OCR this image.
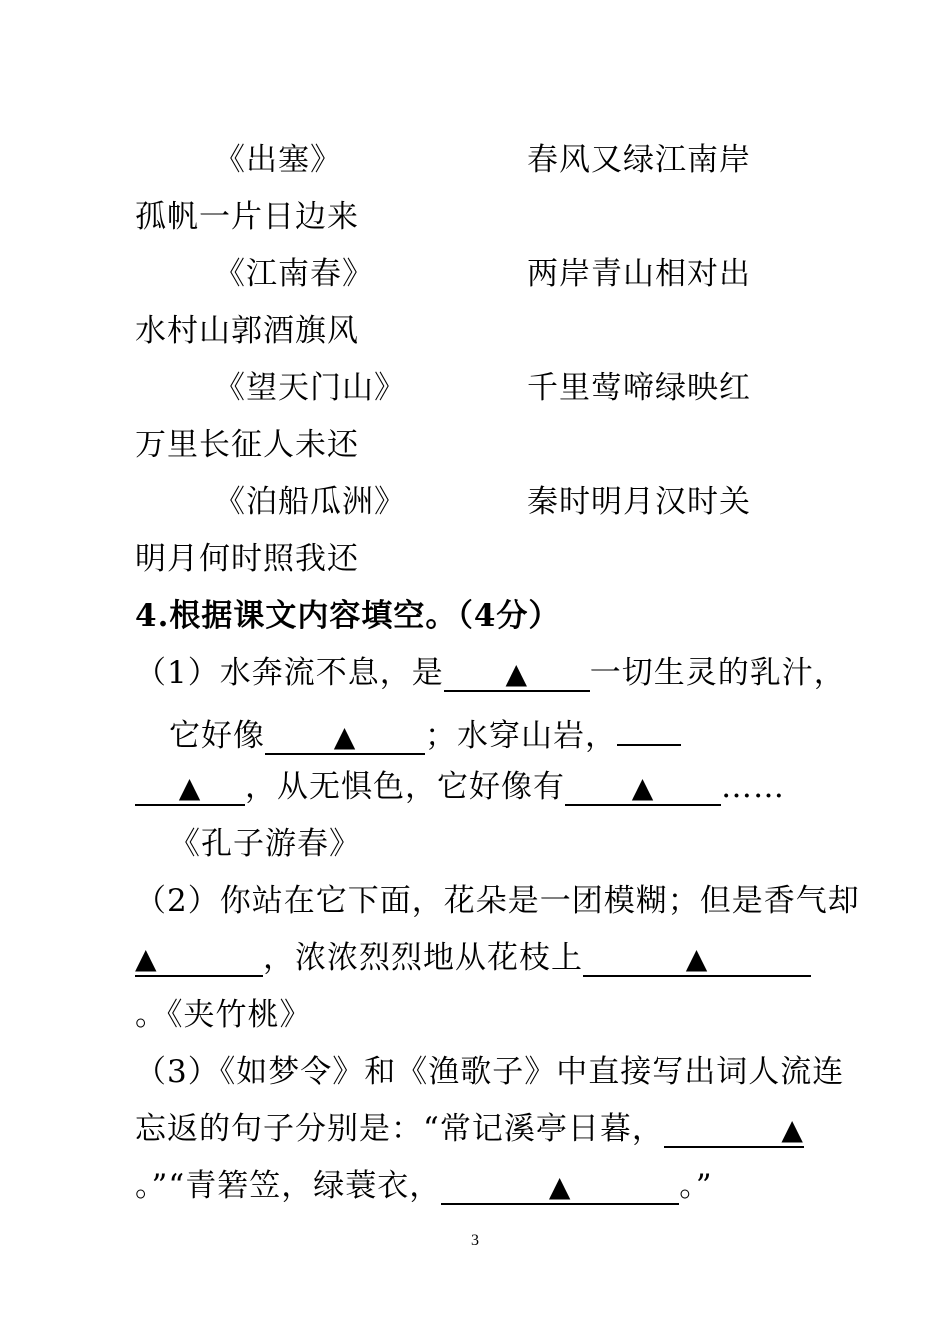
《出塞》	春风又绿江南岸
孤帆一片日边来
《江南春》	两岸青山相对出
水村山郭酒旗风
《望天门山》	千里莺啼绿映红
万里长征人未还
《泊船瓜洲》	秦时明月汉时关
明月何时照我还
4.根据课文内容填空。（4分）
（1）水奔流不息，是 ▲ 一切生灵的乳汁，
它好像 ▲ ；水穿山岩，
▲ ，从无惧色，它好像有 ▲ ……
《孔子游春》
（2）你站在它下面，花朵是一团模糊；但是香气却
▲	，浓浓烈烈地从花枝上	▲
。《夹竹桃》
（3）《如梦令》和《渔歌子》中直接写出词人流连
忘返的句子分别是：“常记溪亭日暮，	▲
。”“青箬笠，绿蓑衣，	▲	。”
3
